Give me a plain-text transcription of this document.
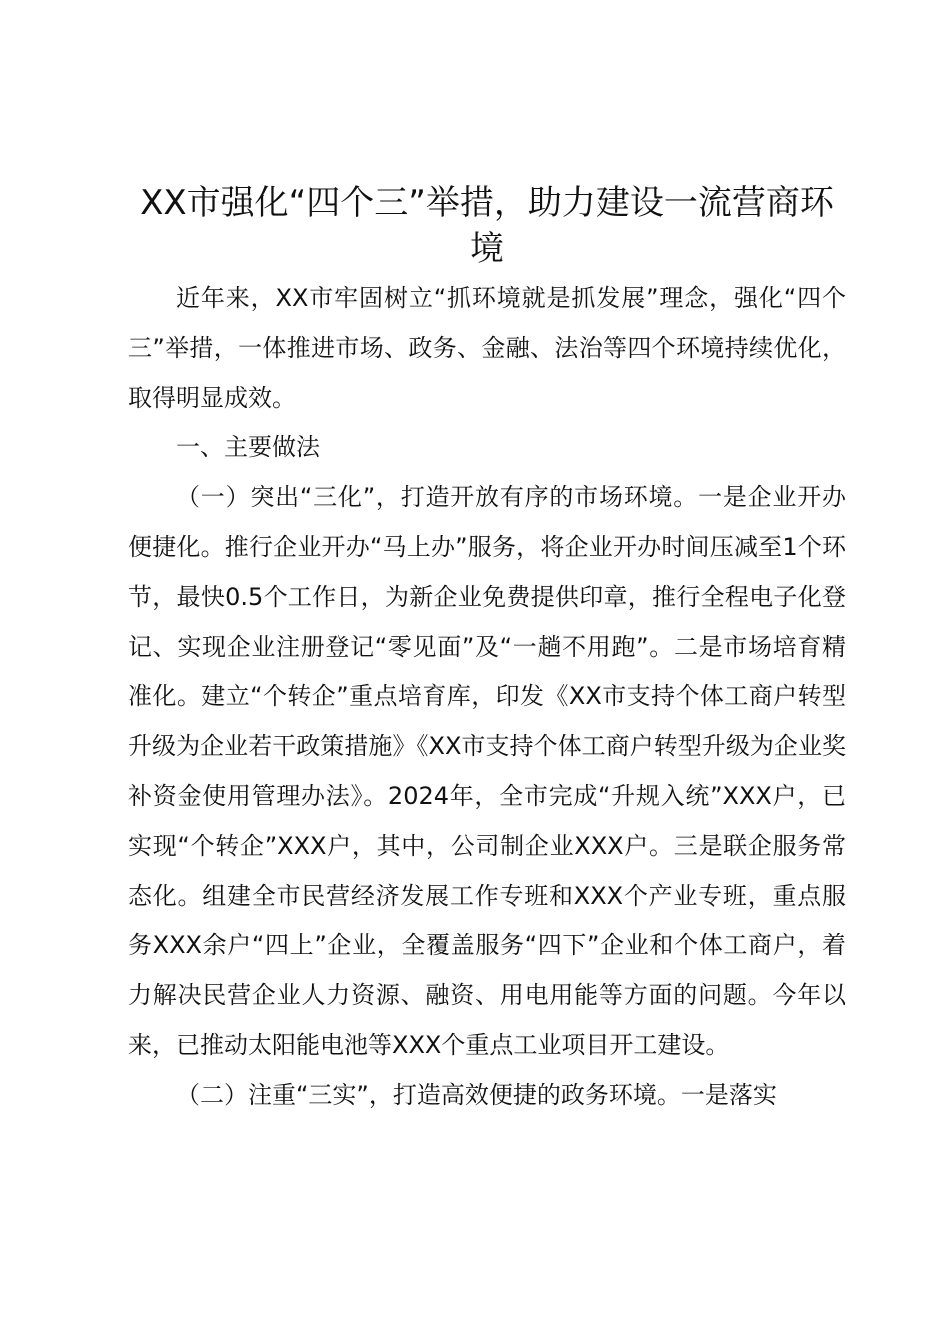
XX市强化“四个三”举措，助力建设一流营商环境

近年来，XX市牢固树立“抓环境就是抓发展”理念，强化“四个三”举措，一体推进市场、政务、金融、法治等四个环境持续优化，取得明显成效。

一、主要做法

（一）突出“三化”，打造开放有序的市场环境。一是企业开办便捷化。推行企业开办“马上办”服务，将企业开办时间压减至1个环节，最快0.5个工作日，为新企业免费提供印章，推行全程电子化登记、实现企业注册登记“零见面”及“一趟不用跑”。二是市场培育精准化。建立“个转企”重点培育库，印发《XX市支持个体工商户转型升级为企业若干政策措施》《XX市支持个体工商户转型升级为企业奖补资金使用管理办法》。2024年，全市完成“升规入统”XXX户，已实现“个转企”XXX户，其中，公司制企业XXX户。三是联企服务常态化。组建全市民营经济发展工作专班和XXX个产业专班，重点服务XXX余户“四上”企业，全覆盖服务“四下”企业和个体工商户，着力解决民营企业人力资源、融资、用电用能等方面的问题。今年以来，已推动太阳能电池等XXX个重点工业项目开工建设。

（二）注重“三实”，打造高效便捷的政务环境。一是落实
